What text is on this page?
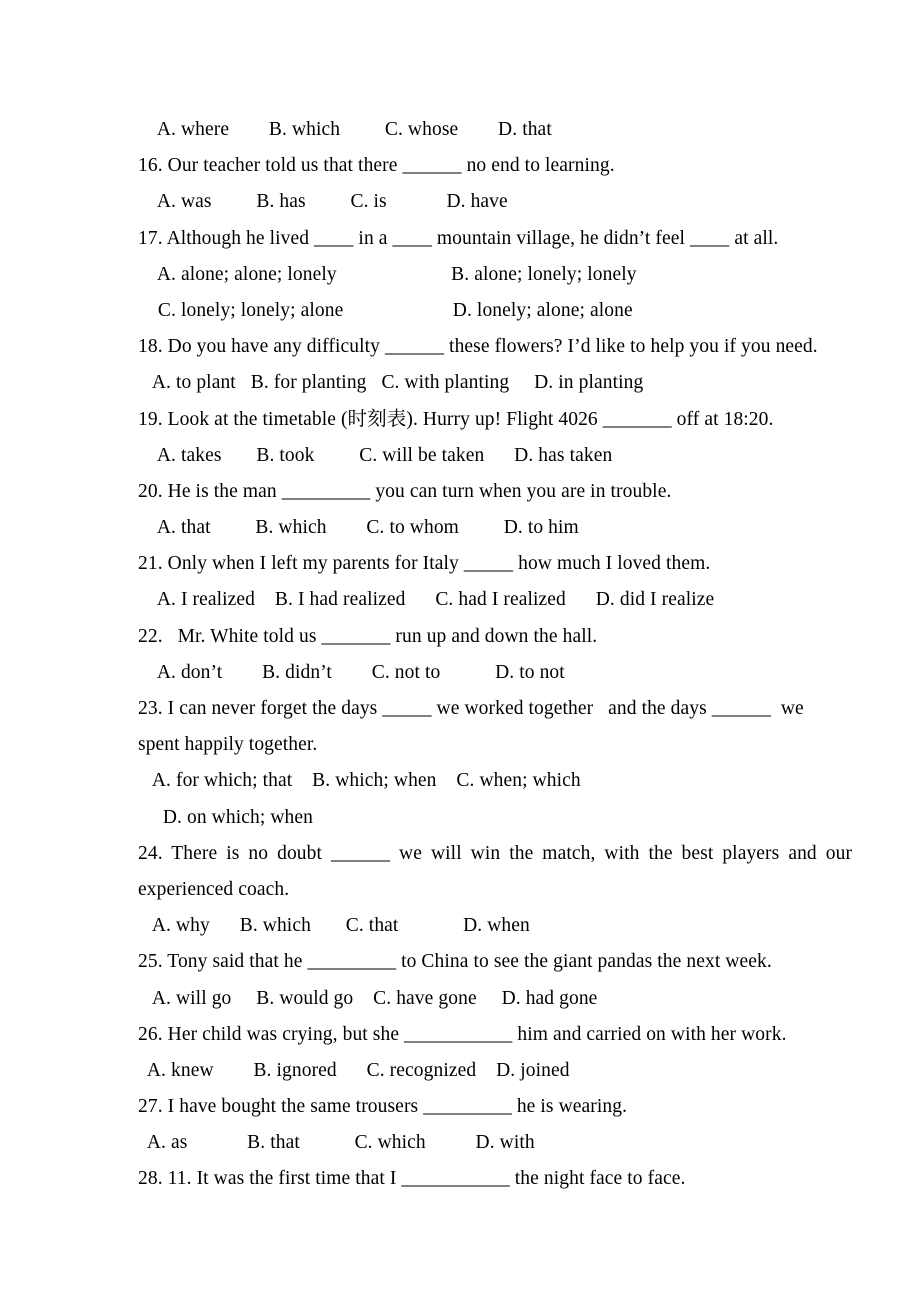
A. where        B. which         C. whose        D. that
16. Our teacher told us that there ______ no end to learning.
A. was         B. has         C. is            D. have
17. Although he lived ____ in a ____ mountain village, he didn’t feel ____ at all.
A. alone; alone; lonely                       B. alone; lonely; lonely
C. lonely; lonely; alone                      D. lonely; alone; alone
18. Do you have any difficulty ______ these flowers? I’d like to help you if you need.
A. to plant   B. for planting   C. with planting     D. in planting
19. Look at the timetable (时刻表). Hurry up! Flight 4026 _______ off at 18:20.
A. takes       B. took         C. will be taken      D. has taken
20. He is the man _________ you can turn when you are in trouble.
A. that         B. which        C. to whom         D. to him
21. Only when I left my parents for Italy _____ how much I loved them.
A. I realized    B. I had realized      C. had I realized      D. did I realize
22.   Mr. White told us _______ run up and down the hall.
A. don’t        B. didn’t        C. not to           D. to not
23. I can never forget the days _____ we worked together   and the days ______  we
spent happily together.
A. for which; that    B. which; when    C. when; which
D. on which; when
24. There is no doubt ______ we will win the match, with the best players and our
experienced coach.
A. why      B. which       C. that             D. when
25. Tony said that he _________ to China to see the giant pandas the next week.
A. will go     B. would go    C. have gone     D. had gone
26. Her child was crying, but she ___________ him and carried on with her work.
A. knew        B. ignored      C. recognized    D. joined
27. I have bought the same trousers _________ he is wearing.
A. as            B. that           C. which          D. with
28. 11. It was the first time that I ___________ the night face to face.
